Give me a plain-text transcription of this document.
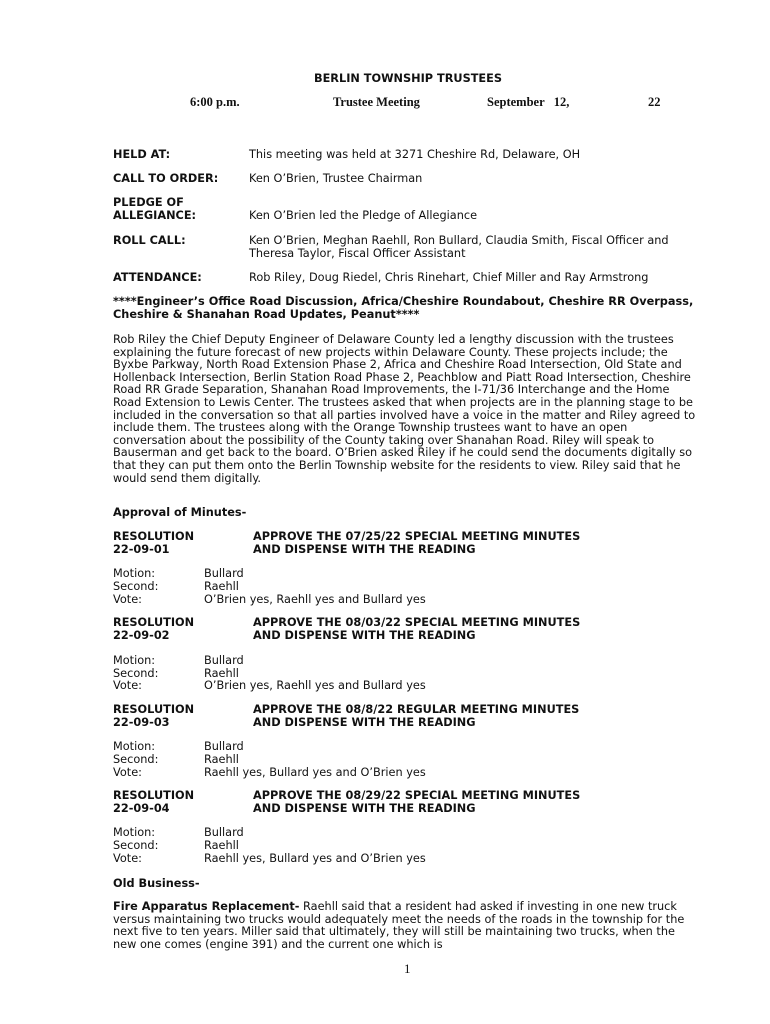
BERLIN TOWNSHIP TRUSTEES
6:00 p.m.	Trustee Meeting	September   12,	22
HELD AT:	This meeting was held at 3271 Cheshire Rd, Delaware, OH
CALL TO ORDER:	Ken O’Brien, Trustee Chairman
PLEDGE OF
ALLEGIANCE:	Ken O’Brien led the Pledge of Allegiance
ROLL CALL:	Ken O’Brien, Meghan Raehll, Ron Bullard, Claudia Smith, Fiscal Officer and Theresa Taylor, Fiscal Officer Assistant
ATTENDANCE:	Rob Riley, Doug Riedel, Chris Rinehart, Chief Miller and Ray Armstrong
****Engineer’s Office Road Discussion, Africa/Cheshire Roundabout, Cheshire RR Overpass, Cheshire & Shanahan Road Updates, Peanut****
Rob Riley the Chief Deputy Engineer of Delaware County led a lengthy discussion with the trustees explaining the future forecast of new projects within Delaware County. These projects include; the Byxbe Parkway, North Road Extension Phase 2, Africa and Cheshire Road Intersection, Old State and Hollenback Intersection, Berlin Station Road Phase 2, Peachblow and Piatt Road Intersection, Cheshire Road RR Grade Separation, Shanahan Road Improvements, the I-71/36 Interchange and the Home Road Extension to Lewis Center. The trustees asked that when projects are in the planning stage to be included in the conversation so that all parties involved have a voice in the matter and Riley agreed to include them. The trustees along with the Orange Township trustees want to have an open conversation about the possibility of the County taking over Shanahan Road. Riley will speak to Bauserman and get back to the board. O’Brien asked Riley if he could send the documents digitally so that they can put them onto the Berlin Township website for the residents to view. Riley said that he would send them digitally.
Approval of Minutes-
RESOLUTION
22-09-01
APPROVE THE 07/25/22 SPECIAL MEETING MINUTES
AND DISPENSE WITH THE READING
Motion:	Bullard
Second:	Raehll
Vote:	O’Brien yes, Raehll yes and Bullard yes
RESOLUTION
22-09-02
APPROVE THE 08/03/22 SPECIAL MEETING MINUTES
AND DISPENSE WITH THE READING
Motion:	Bullard
Second:	Raehll
Vote:	O’Brien yes, Raehll yes and Bullard yes
RESOLUTION
22-09-03
APPROVE THE 08/8/22 REGULAR MEETING MINUTES
AND DISPENSE WITH THE READING
Motion:	Bullard
Second:	Raehll
Vote:	Raehll yes, Bullard yes and O’Brien yes
RESOLUTION
22-09-04
APPROVE THE 08/29/22 SPECIAL MEETING MINUTES
AND DISPENSE WITH THE READING
Motion:	Bullard
Second:	Raehll
Vote:	Raehll yes, Bullard yes and O’Brien yes
Old Business-
Fire Apparatus Replacement- Raehll said that a resident had asked if investing in one new truck versus maintaining two trucks would adequately meet the needs of the roads in the township for the next five to ten years. Miller said that ultimately, they will still be maintaining two trucks, when the new one comes (engine 391) and the current one which is
1
